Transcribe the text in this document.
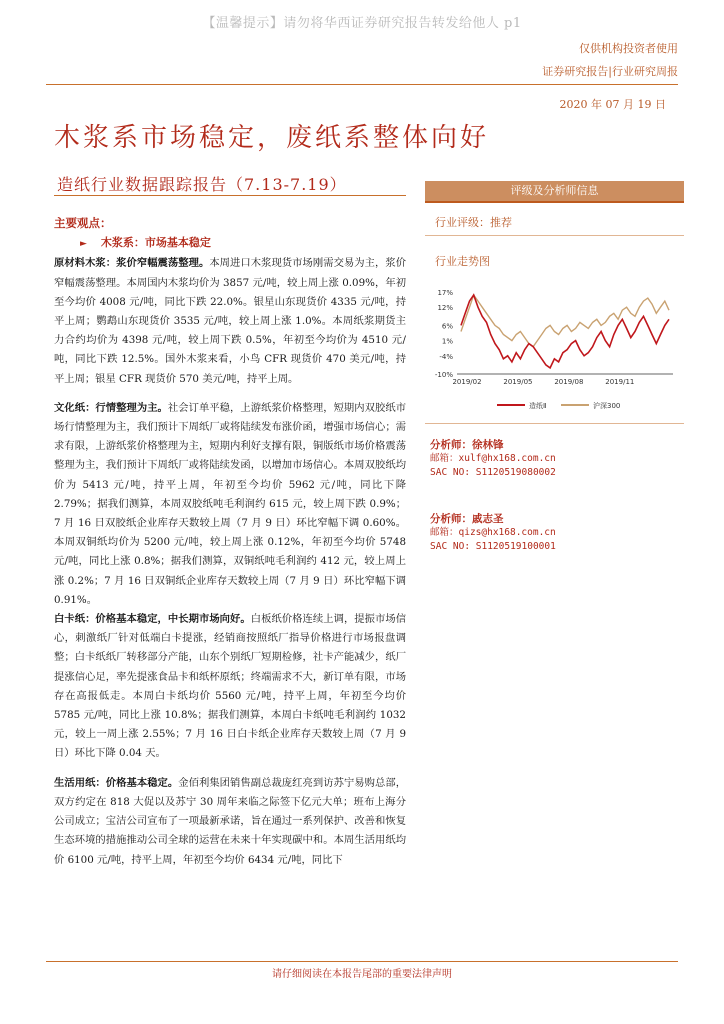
【温馨提示】请勿将华西证券研究报告转发给他人 p1
仅供机构投资者使用
证券研究报告|行业研究周报
2020 年 07 月 19 日
木浆系市场稳定，废纸系整体向好
造纸行业数据跟踪报告（7.13-7.19）
主要观点：
► 木浆系：市场基本稳定

原材料木浆：浆价窄幅震荡整理。本周进口木浆现货市场刚需交易为主，浆价窄幅震荡整理。本周国内木浆均价为 3857 元/吨，较上周上涨 0.09%，年初至今均价 4008 元/吨，同比下跌 22.0%。银星山东现货价 4335 元/吨，持平上周；鹦鹉山东现货价 3535 元/吨，较上周上涨 1.0%。本周纸浆期货主力合约均价为 4398 元/吨，较上周下跌 0.5%，年初至今均价为 4510 元/吨，同比下跌 12.5%。国外木浆来看，小鸟 CFR 现货价 470 美元/吨，持平上周；银星 CFR 现货价 570 美元/吨，持平上周。

文化纸：行情整理为主。社会订单平稳，上游纸浆价格整理，短期内双胶纸市场行情整理为主，我们预计下周纸厂或将陆续发布涨价函，增强市场信心；需求有限，上游纸浆价格整理为主，短期内利好支撑有限，铜版纸市场价格震荡整理为主，我们预计下周纸厂或将陆续发函，以增加市场信心。本周双胶纸均价为 5413 元/吨，持平上周，年初至今均价 5962 元/吨，同比下降 2.79%；据我们测算，本周双胶纸吨毛利润约 615 元，较上周下跌 0.9%；7 月 16 日双胶纸企业库存天数较上周（7 月 9 日）环比窄幅下调 0.60%。本周双铜纸均价为 5200 元/吨，较上周上涨 0.12%，年初至今均价 5748 元/吨，同比上涨 0.8%；据我们测算，双铜纸吨毛利润约 412 元，较上周上涨 0.2%；7 月 16 日双铜纸企业库存天数较上周（7 月 9 日）环比窄幅下调 0.91%。

白卡纸：价格基本稳定，中长期市场向好。白板纸价格连续上调，提振市场信心，刺激纸厂针对低端白卡提涨，经销商按照纸厂指导价格进行市场报盘调整；白卡纸纸厂转移部分产能，山东个别纸厂短期检修，社卡产能减少，纸厂提涨信心足，率先提涨食品卡和纸杯原纸；终端需求不大，新订单有限，市场存在高报低走。本周白卡纸均价 5560 元/吨，持平上周，年初至今均价 5785 元/吨，同比上涨 10.8%；据我们测算，本周白卡纸吨毛利润约 1032 元，较上一周上涨 2.55%；7 月 16 日白卡纸企业库存天数较上周（7 月 9 日）环比下降 0.04 天。

生活用纸：价格基本稳定。金佰利集团销售副总裁庞红亮到访苏宁易购总部，双方约定在 818 大促以及苏宁 30 周年来临之际签下亿元大单；班布上海分公司成立；宝洁公司宣布了一项最新承诺，旨在通过一系列保护、改善和恢复生态环境的措施推动公司全球的运营在未来十年实现碳中和。本周生活用纸均价 6100 元/吨，持平上周，年初至今均价 6434 元/吨，同比下

评级及分析师信息
行业评级：推荐
行业走势图
17%
12%
6%
1%
-4%
-10%
2019/02	2019/05	2019/08	2019/11
造纸Ⅱ	沪深300
分析师：徐林锋
邮箱：xulf@hx168.com.cn
SAC NO: S1120519080002
分析师：戚志圣
邮箱：qizs@hx168.com.cn
SAC NO: S1120519100001
请仔细阅读在本报告尾部的重要法律声明
